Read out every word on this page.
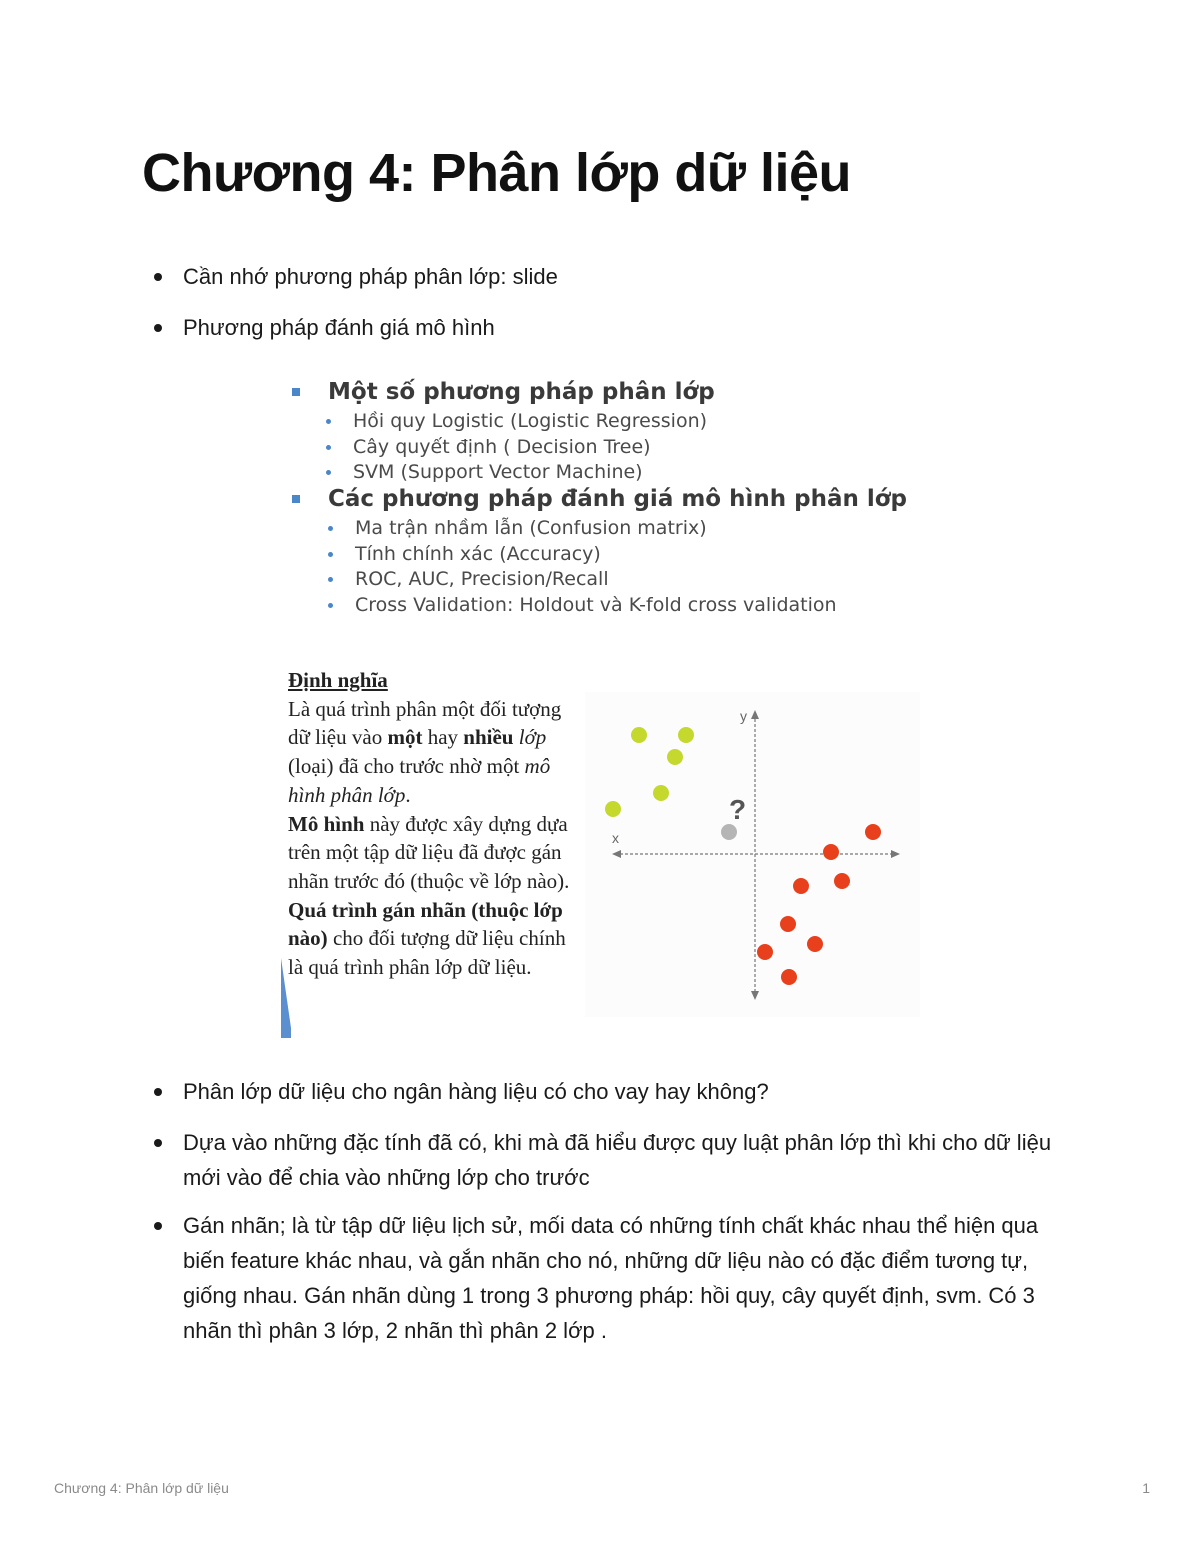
Chương 4: Phân lớp dữ liệu
Cần nhớ phương pháp phân lớp: slide
Phương pháp đánh giá mô hình
Một số phương pháp phân lớp
Hồi quy Logistic (Logistic Regression)
Cây quyết định ( Decision Tree)
SVM (Support Vector Machine)
Các phương pháp đánh giá mô hình phân lớp
Ma trận nhầm lẫn (Confusion matrix)
Tính chính xác (Accuracy)
ROC, AUC, Precision/Recall
Cross Validation: Holdout và K-fold cross validation
Định nghĩa

Là quá trình phân một đối tượng dữ liệu vào một hay nhiều lớp (loại) đã cho trước nhờ một mô hình phân lớp.

Mô hình này được xây dựng dựa trên một tập dữ liệu đã được gán nhãn trước đó (thuộc về lớp nào).

Quá trình gán nhãn (thuộc lớp nào) cho đối tượng dữ liệu chính là quá trình phân lớp dữ liệu.

y
x
?
Phân lớp dữ liệu cho ngân hàng liệu có cho vay hay không?
Dựa vào những đặc tính đã có, khi mà đã hiểu được quy luật phân lớp thì khi cho dữ liệu mới vào để chia vào những lớp cho trước
Gán nhãn; là từ tập dữ liệu lịch sử, mối data có những tính chất khác nhau thể hiện qua biến feature khác nhau, và gắn nhãn cho nó, những dữ liệu nào có đặc điểm tương tự, giống nhau. Gán nhãn dùng 1 trong 3 phương pháp: hồi quy, cây quyết định, svm. Có 3 nhãn thì phân 3 lớp, 2 nhãn thì phân 2 lớp .
Chương 4: Phân lớp dữ liệu	1
